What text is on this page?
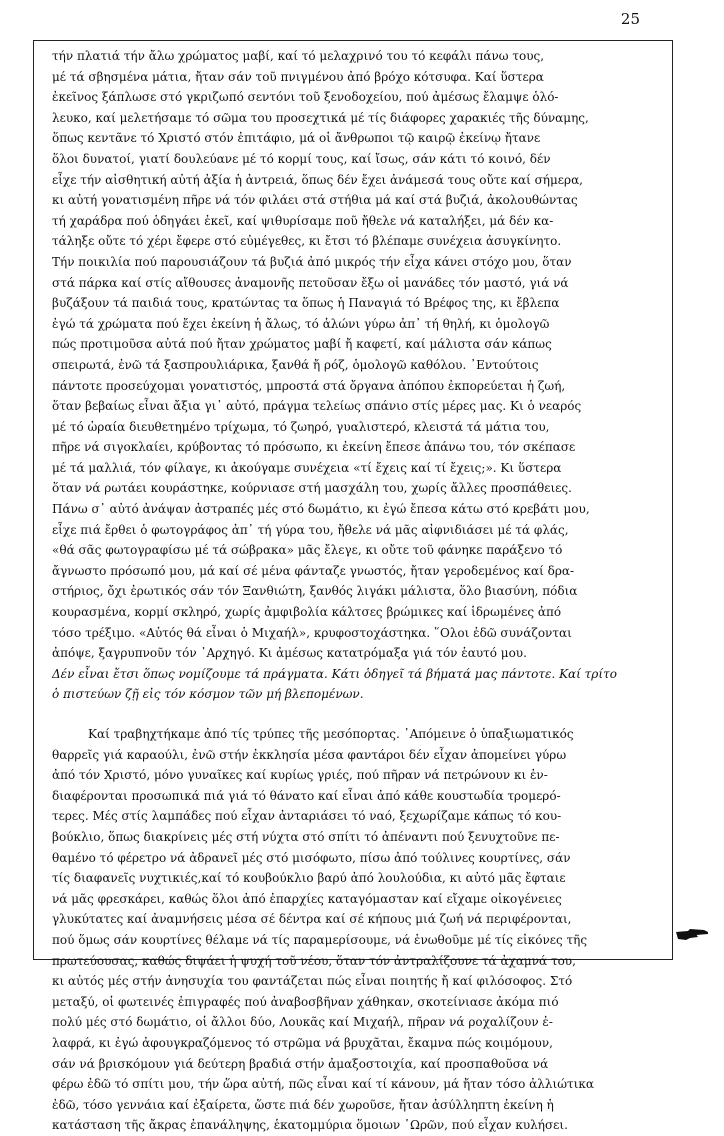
25
τήν πλατιά τήν ἄλω χρώματος μαβί, καί τό μελαχρινό του τό κεφάλι πάνω τους,
μέ τά σβησμένα μάτια, ἤταν σάν τοῦ πνιγμένου ἀπό βρόχο κότσυφα. Καί ὕστερα
ἐκεῖνος ξάπλωσε στό γκριζωπό σεντόνι τοῦ ξενοδοχείου, πού ἀμέσως ἔλαμψε ὁλό-
λευκο, καί μελετήσαμε τό σῶμα του προσεχτικά μέ τίς διάφορες χαρακιές τῆς δύναμης,
ὅπως κεντᾶνε τό Χριστό στόν ἐπιτάφιο, μά οἱ ἄνθρωποι τῷ καιρῷ ἐκείνῳ ἤτανε
ὅλοι δυνατοί, γιατί δουλεύανε μέ τό κορμί τους, καί ἴσως, σάν κάτι τό κοινό, δέν
εἶχε τήν αἰσθητική αὐτή ἀξία ἡ ἀντρειά, ὅπως δέν ἔχει ἀνάμεσά τους οὔτε καί σήμερα,
κι αὐτή γονατισμένη πῆρε νά τόν φιλάει στά στήθια μά καί στά βυζιά, ἀκολουθώντας
τή χαράδρα πού ὁδηγάει ἐκεῖ, καί ψιθυρίσαμε ποῦ ἤθελε νά καταλήξει, μά δέν κα-
τάληξε οὔτε τό χέρι ἔφερε στό εὐμέγεθες, κι ἔτσι τό βλέπαμε συνέχεια ἀσυγκίνητο.
Τήν ποικιλία πού παρουσιάζουν τά βυζιά ἀπό μικρός τήν εἶχα κάνει στόχο μου, ὅταν
στά πάρκα καί στίς αἴθουσες ἀναμονῆς πετοῦσαν ἔξω οἱ μανάδες τόν μαστό, γιά νά
βυζάξουν τά παιδιά τους, κρατώντας τα ὅπως ἡ Παναγιά τό Βρέφος της, κι ἔβλεπα
ἐγώ τά χρώματα πού ἔχει ἐκείνη ἡ ἄλως, τό ἁλώνι γύρω ἀπ᾽ τή θηλή, κι ὁμολογῶ
πώς προτιμοῦσα αὐτά πού ἤταν χρώματος μαβί ἤ καφετί, καί μάλιστα σάν κάπως
σπειρωτά, ἐνῶ τά ξασπρουλιάρικα, ξανθά ἤ ρόζ, ὁμολογῶ καθόλου. ᾽Εντούτοις
πάντοτε προσεύχομαι γονατιστός, μπροστά στά ὄργανα ἀπόπου ἐκπορεύεται ἡ ζωή,
ὅταν βεβαίως εἶναι ἄξια γι᾽ αὐτό, πράγμα τελείως σπάνιο στίς μέρες μας. Κι ὁ νεαρός
μέ τό ὡραία διευθετημένο τρίχωμα, τό ζωηρό, γυαλιστερό, κλειστά τά μάτια του,
πῆρε νά σιγοκλαίει, κρύβοντας τό πρόσωπο, κι ἐκείνη ἔπεσε ἀπάνω του, τόν σκέπασε
μέ τά μαλλιά, τόν φίλαγε, κι ἀκούγαμε συνέχεια «τί ἔχεις καί τί ἔχεις;». Κι ὕστερα
ὅταν νά ρωτάει κουράστηκε, κούρνιασε στή μασχάλη του, χωρίς ἄλλες προσπάθειες.
Πάνω σ᾽ αὐτό ἀνάψαν ἀστραπές μές στό δωμάτιο, κι ἐγώ ἔπεσα κάτω στό κρεβάτι μου,
εἶχε πιά ἔρθει ὁ φωτογράφος ἀπ᾽ τή γύρα του, ἤθελε νά μᾶς αἰφνιδιάσει μέ τά φλάς,
«θά σᾶς φωτογραφίσω μέ τά σώβρακα» μᾶς ἔλεγε, κι οὔτε τοῦ φάνηκε παράξενο τό
ἄγνωστο πρόσωπό μου, μά καί σέ μένα φάνταζε γνωστός, ἤταν γεροδεμένος καί δρα-
στήριος, ὄχι ἐρωτικός σάν τόν Ξανθιώτη, ξανθός λιγάκι μάλιστα, ὅλο βιασύνη, πόδια
κουρασμένα, κορμί σκληρό, χωρίς ἀμφιβολία κάλτσες βρώμικες καί ἱδρωμένες ἀπό
τόσο τρέξιμο. «Αὐτός θά εἶναι ὁ Μιχαήλ», κρυφοστοχάστηκα. ῞Ολοι ἐδῶ συνάζονται
ἀπόψε, ξαγρυπνοῦν τόν ᾽Αρχηγό. Κι ἀμέσως κατατρόμαξα γιά τόν ἑαυτό μου.
Δέν εἶναι ἔτσι ὅπως νομίζουμε τά πράγματα. Κάτι ὁδηγεῖ τά βήματά μας πάντοτε. Καί τρίτο
ὁ πιστεύων ζῇ εἰς τόν κόσμον τῶν μή βλεπομένων.
Καί τραβηχτήκαμε ἀπό τίς τρύπες τῆς μεσόπορτας. ᾽Απόμεινε ὁ ὑπαξιωματικός
θαρρεῖς γιά καραούλι, ἐνῶ στήν ἐκκλησία μέσα φαντάροι δέν εἶχαν ἀπομείνει γύρω
ἀπό τόν Χριστό, μόνο γυναῖκες καί κυρίως γριές, πού πῆραν νά πετρώνουν κι ἐν-
διαφέρονται προσωπικά πιά γιά τό θάνατο καί εἶναι ἀπό κάθε κουστωδία τρομερό-
τερες. Μές στίς λαμπάδες πού εἶχαν ἀνταριάσει τό ναό, ξεχωρίζαμε κάπως τό κου-
βούκλιο, ὅπως διακρίνεις μές στή νύχτα στό σπίτι τό ἀπέναντι πού ξενυχτοῦνε πε-
θαμένο τό φέρετρο νά ἀδρανεῖ μές στό μισόφωτο, πίσω ἀπό τούλινες κουρτίνες, σάν
τίς διαφανεῖς νυχτικιές,καί τό κουβούκλιο βαρύ ἀπό λουλούδια, κι αὐτό μᾶς ἔφταιε
νά μᾶς φρεσκάρει, καθώς ὅλοι ἀπό ἐπαρχίες καταγόμασταν καί εἴχαμε οἰκογένειες
γλυκύτατες καί ἀναμνήσεις μέσα σέ δέντρα καί σέ κήπους μιά ζωή νά περιφέρονται,
πού ὅμως σάν κουρτίνες θέλαμε νά τίς παραμερίσουμε, νά ἑνωθοῦμε μέ τίς εἰκόνες τῆς
πρωτεύουσας, καθώς διψάει ἡ ψυχή τοῦ νέου, ὅταν τόν ἀντραλίζουνε τά ἀχαμνά του,
κι αὐτός μές στήν ἀνησυχία του φαντάζεται πώς εἶναι ποιητής ἤ καί φιλόσοφος. Στό
μεταξύ, οἱ φωτεινές ἐπιγραφές πού ἀναβοσβῆναν χάθηκαν, σκοτείνιασε ἀκόμα πιό
πολύ μές στό δωμάτιο, οἱ ἄλλοι δύο, Λουκᾶς καί Μιχαήλ, πῆραν νά ροχαλίζουν ἐ-
λαφρά, κι ἐγώ ἀφουγκραζόμενος τό στρῶμα νά βρυχᾶται, ἔκαμνα πώς κοιμόμουν,
σάν νά βρισκόμουν γιά δεύτερη βραδιά στήν ἀμαξοστοιχία, καί προσπαθοῦσα νά
φέρω ἐδῶ τό σπίτι μου, τήν ὥρα αὐτή, πῶς εἶναι καί τί κάνουν, μά ἤταν τόσο ἀλλιώτικα
ἐδῶ, τόσο γεννάια καί ἐξαίρετα, ὥστε πιά δέν χωροῦσε, ἤταν ἀσύλληπτη ἐκείνη ἡ
κατάσταση τῆς ἄκρας ἐπανάληψης, ἑκατομμύρια ὅμοιων ῾Ωρῶν, πού εἶχαν κυλήσει.
